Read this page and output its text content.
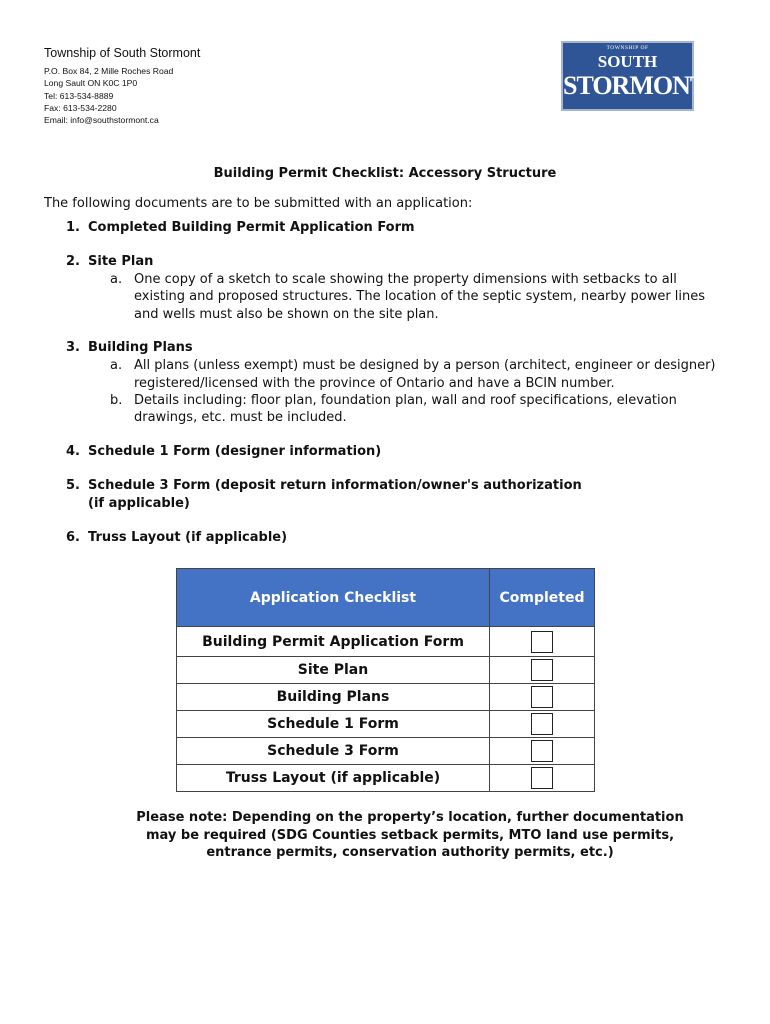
Township of South Stormont
P.O. Box 84, 2 Mille Roches Road
Long Sault ON K0C 1P0
Tel: 613-534-8889
Fax: 613-534-2280
Email: info@southstormont.ca
TOWNSHIP OF
SOUTH
STORMONT
Building Permit Checklist: Accessory Structure
The following documents are to be submitted with an application:
1. Completed Building Permit Application Form
2. Site Plan
a. One copy of a sketch to scale showing the property dimensions with setbacks to all existing and proposed structures. The location of the septic system, nearby power lines and wells must also be shown on the site plan.
3. Building Plans
a. All plans (unless exempt) must be designed by a person (architect, engineer or designer) registered/licensed with the province of Ontario and have a BCIN number.
b. Details including: floor plan, foundation plan, wall and roof specifications, elevation drawings, etc. must be included.
4. Schedule 1 Form (designer information)
5. Schedule 3 Form (deposit return information/owner's authorization
(if applicable)
6. Truss Layout (if applicable)
Application Checklist	Completed
Building Permit Application Form	
Site Plan	
Building Plans	
Schedule 1 Form	
Schedule 3 Form	
Truss Layout (if applicable)	
Please note: Depending on the property’s location, further documentation
may be required (SDG Counties setback permits, MTO land use permits,
entrance permits, conservation authority permits, etc.)
